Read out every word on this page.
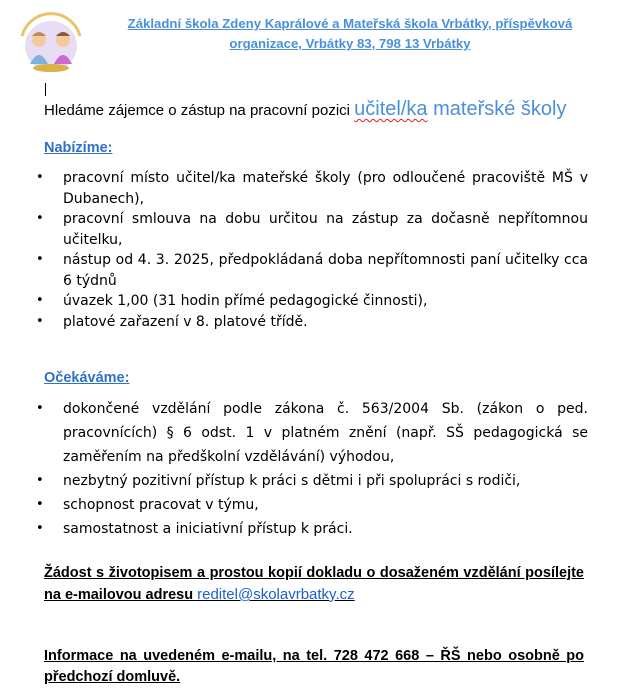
Základní škola Zdeny Kaprálové a Mateřská škola Vrbátky, příspěvková
organizace, Vrbátky 83, 798 13 Vrbátky
Hledáme zájemce o zástup na pracovní pozici učitel/ka mateřské školy
Nabízíme:
• pracovní místo učitel/ka mateřské školy (pro odloučené pracoviště MŠ v Dubanech),
• pracovní smlouva na dobu určitou na zástup za dočasně nepřítomnou učitelku,
• nástup od 4. 3. 2025, předpokládaná doba nepřítomnosti paní učitelky cca 6 týdnů
• úvazek 1,00 (31 hodin přímé pedagogické činnosti),
• platové zařazení v 8. platové třídě.
Očekáváme:
• dokončené vzdělání podle zákona č. 563/2004 Sb. (zákon o ped. pracovnících) § 6 odst. 1 v platném znění (např. SŠ pedagogická se zaměřením na předškolní vzdělávání) výhodou,
• nezbytný pozitivní přístup k práci s dětmi i při spolupráci s rodiči,
• schopnost pracovat v týmu,
• samostatnost a iniciativní přístup k práci.
Žádost s životopisem a prostou kopií dokladu o dosaženém vzdělání posílejte na e-mailovou adresu reditel@skolavrbatky.cz
Informace na uvedeném e-mailu, na tel. 728 472 668 – ŘŠ nebo osobně po předchozí domluvě.
